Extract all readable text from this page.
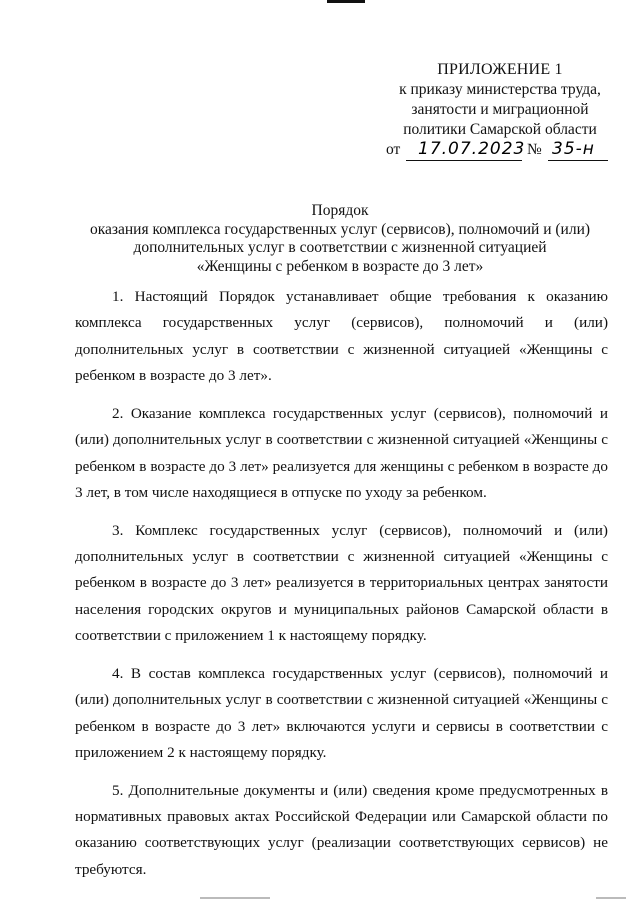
ПРИЛОЖЕНИЕ 1
к приказу министерства труда,
занятости и миграционной
политики Самарской области
от 17.07.2023 № 35-н
Порядок
оказания комплекса государственных услуг (сервисов), полномочий и (или)
дополнительных услуг в соответствии с жизненной ситуацией
«Женщины с ребенком в возрасте до 3 лет»

1. Настоящий Порядок устанавливает общие требования к оказанию комплекса государственных услуг (сервисов), полномочий и (или) дополнительных услуг в соответствии с жизненной ситуацией «Женщины с ребенком в возрасте до 3 лет».

2. Оказание комплекса государственных услуг (сервисов), полномочий и (или) дополнительных услуг в соответствии с жизненной ситуацией «Женщины с ребенком в возрасте до 3 лет» реализуется для женщины с ребенком в возрасте до 3 лет, в том числе находящиеся в отпуске по уходу за ребенком.

3. Комплекс государственных услуг (сервисов), полномочий и (или) дополнительных услуг в соответствии с жизненной ситуацией «Женщины с ребенком в возрасте до 3 лет» реализуется в территориальных центрах занятости населения городских округов и муниципальных районов Самарской области в соответствии с приложением 1 к настоящему порядку.

4. В состав комплекса государственных услуг (сервисов), полномочий и (или) дополнительных услуг в соответствии с жизненной ситуацией «Женщины с ребенком в возрасте до 3 лет» включаются услуги и сервисы в соответствии с приложением 2 к настоящему порядку.

5. Дополнительные документы и (или) сведения кроме предусмотренных в нормативных правовых актах Российской Федерации или Самарской области по оказанию соответствующих услуг (реализации соответствующих сервисов) не требуются.
